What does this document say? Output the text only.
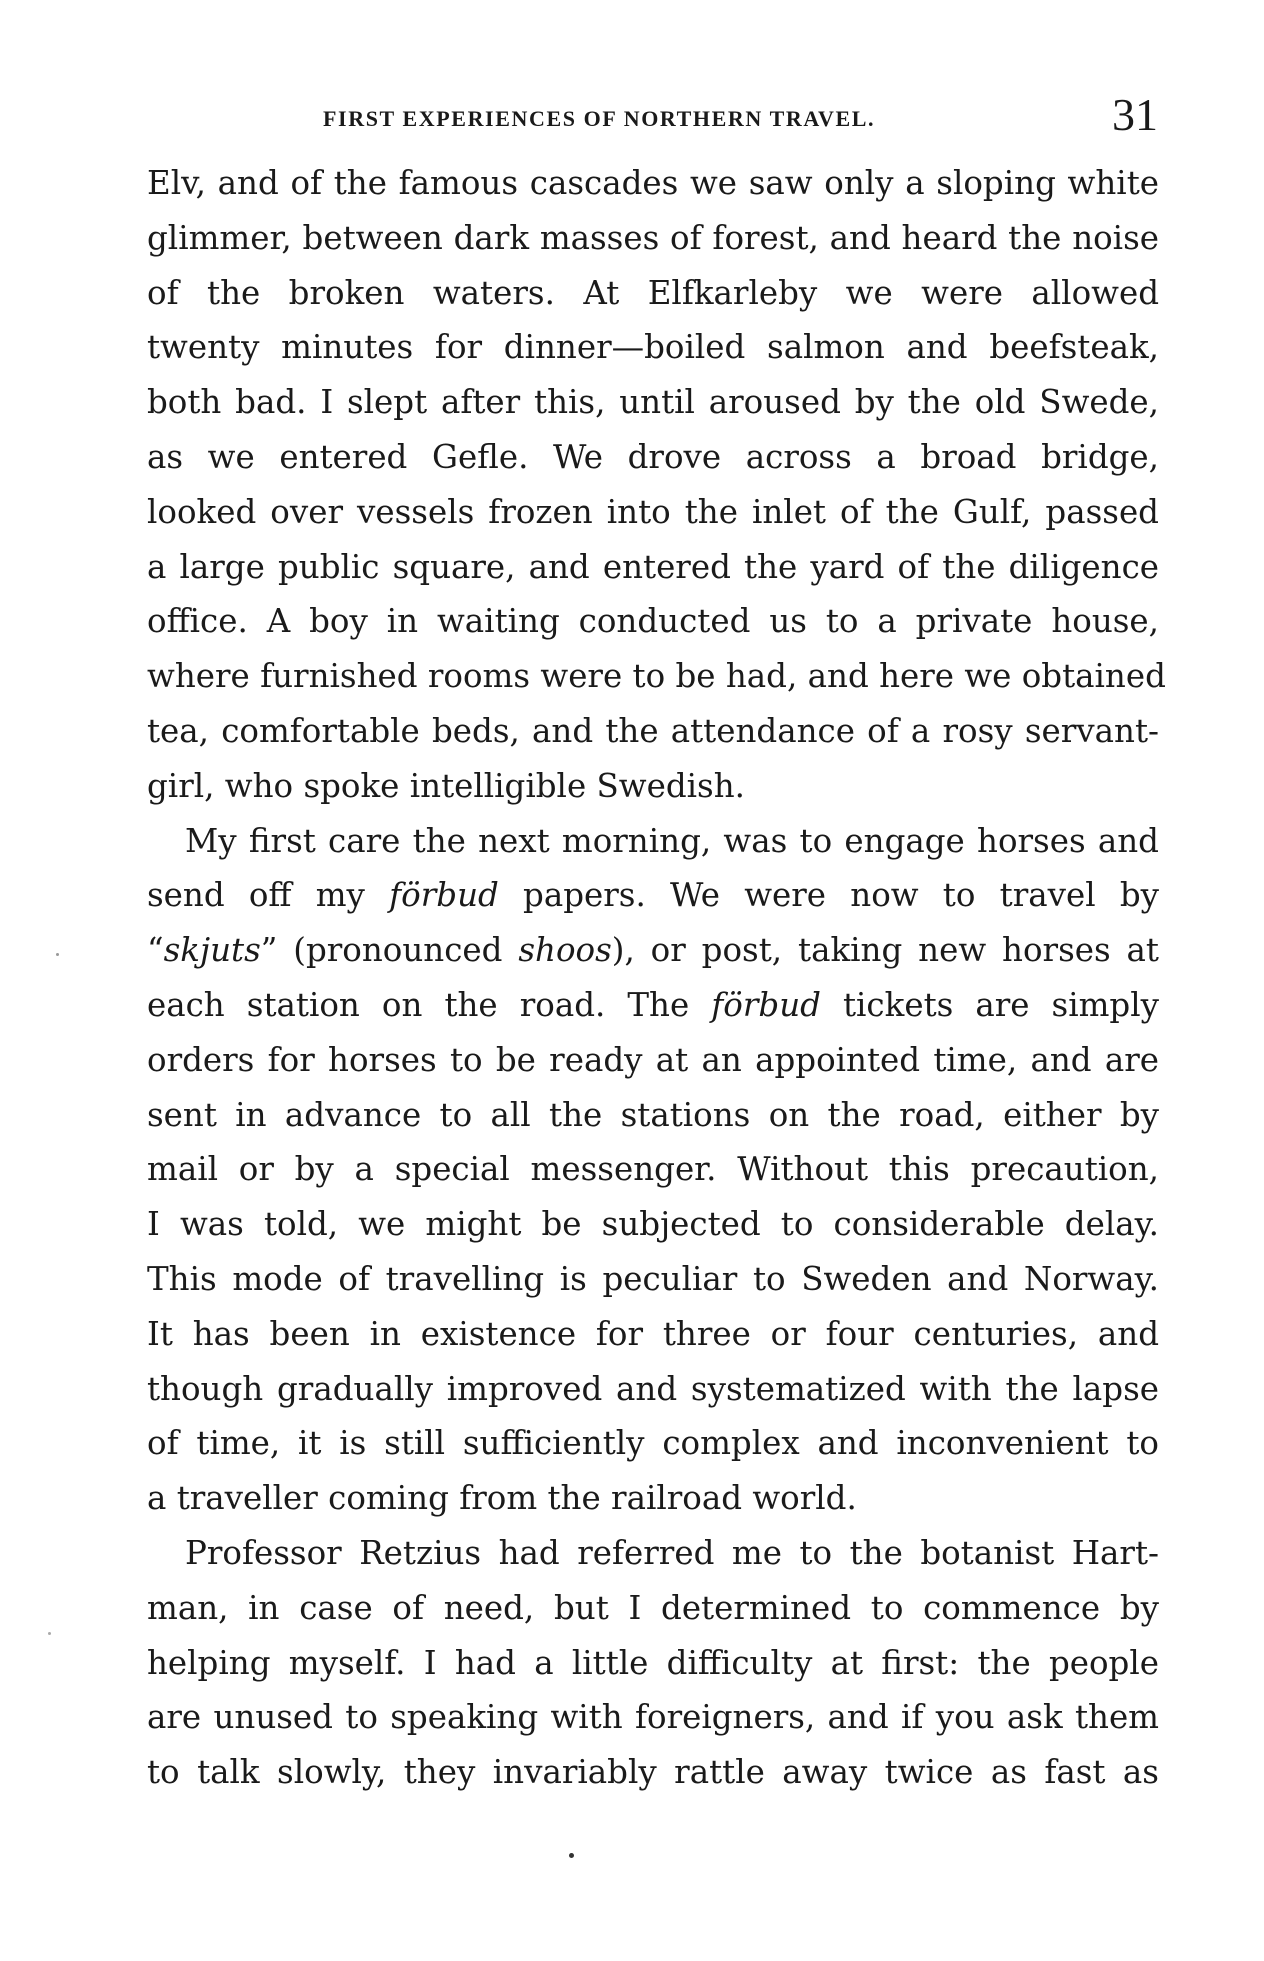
FIRST EXPERIENCES OF NORTHERN TRAVEL.	31
Elv, and of the famous cascades we saw only a sloping white
glimmer, between dark masses of forest, and heard the noise
of the broken waters. At Elfkarleby we were allowed
twenty minutes for dinner—boiled salmon and beefsteak,
both bad. I slept after this, until aroused by the old Swede,
as we entered Gefle. We drove across a broad bridge,
looked over vessels frozen into the inlet of the Gulf, passed
a large public square, and entered the yard of the diligence
office. A boy in waiting conducted us to a private house,
where furnished rooms were to be had, and here we obtained
tea, comfortable beds, and the attendance of a rosy servant-
girl, who spoke intelligible Swedish.
My first care the next morning, was to engage horses and
send off my förbud papers. We were now to travel by
“skjuts” (pronounced shoos), or post, taking new horses at
each station on the road. The förbud tickets are simply
orders for horses to be ready at an appointed time, and are
sent in advance to all the stations on the road, either by
mail or by a special messenger. Without this precaution,
I was told, we might be subjected to considerable delay.
This mode of travelling is peculiar to Sweden and Norway.
It has been in existence for three or four centuries, and
though gradually improved and systematized with the lapse
of time, it is still sufficiently complex and inconvenient to
a traveller coming from the railroad world.
Professor Retzius had referred me to the botanist Hart-
man, in case of need, but I determined to commence by
helping myself. I had a little difficulty at first: the people
are unused to speaking with foreigners, and if you ask them
to talk slowly, they invariably rattle away twice as fast as
